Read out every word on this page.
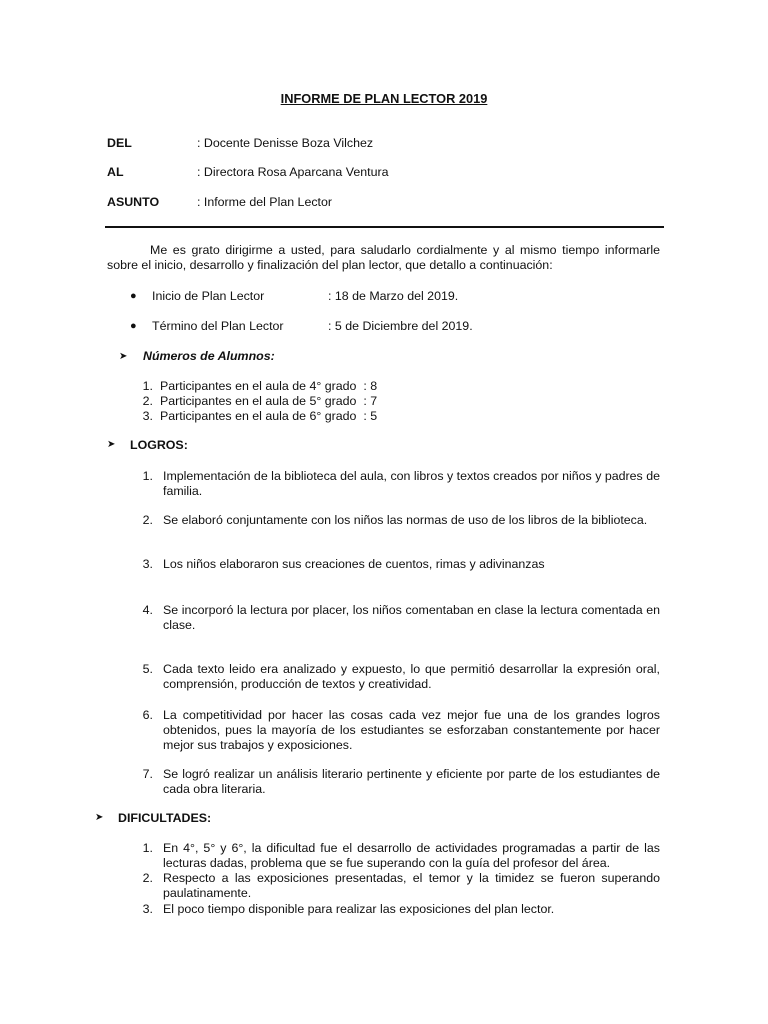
INFORME DE PLAN LECTOR 2019
DEL	: Docente Denisse Boza Vilchez
AL	: Directora Rosa Aparcana Ventura
ASUNTO	: Informe del Plan Lector
Me es grato dirigirme a usted, para saludarlo cordialmente y al mismo tiempo informarle sobre el inicio, desarrollo y finalización del plan lector, que detallo a continuación:
● Inicio de Plan Lector	: 18 de Marzo del 2019.
● Término del Plan Lector	: 5 de Diciembre del 2019.
➤ Números de Alumnos:
1. Participantes en el aula de 4° grado  : 8
2. Participantes en el aula de 5° grado  : 7
3. Participantes en el aula de 6° grado  : 5
➤ LOGROS:
1. Implementación de la biblioteca del aula, con libros y textos creados por niños y padres de familia.
2. Se elaboró conjuntamente con los niños las normas de uso de los libros de la biblioteca.
3. Los niños elaboraron sus creaciones de cuentos, rimas y adivinanzas
4. Se incorporó la lectura por placer, los niños comentaban en clase la lectura comentada en clase.
5. Cada texto leido era analizado y expuesto, lo que permitió desarrollar la expresión oral, comprensión, producción de textos y creatividad.
6. La competitividad por hacer las cosas cada vez mejor fue una de los grandes logros obtenidos, pues la mayoría de los estudiantes se esforzaban constantemente por hacer mejor sus trabajos y exposiciones.
7. Se logró realizar un análisis literario pertinente y eficiente por parte de los estudiantes de cada obra literaria.
➤ DIFICULTADES:
1. En 4°, 5° y 6°, la dificultad fue el desarrollo de actividades programadas a partir de las lecturas dadas, problema que se fue superando con la guía del profesor del área.
2. Respecto a las exposiciones presentadas, el temor y la timidez se fueron superando paulatinamente.
3. El poco tiempo disponible para realizar las exposiciones del plan lector.
